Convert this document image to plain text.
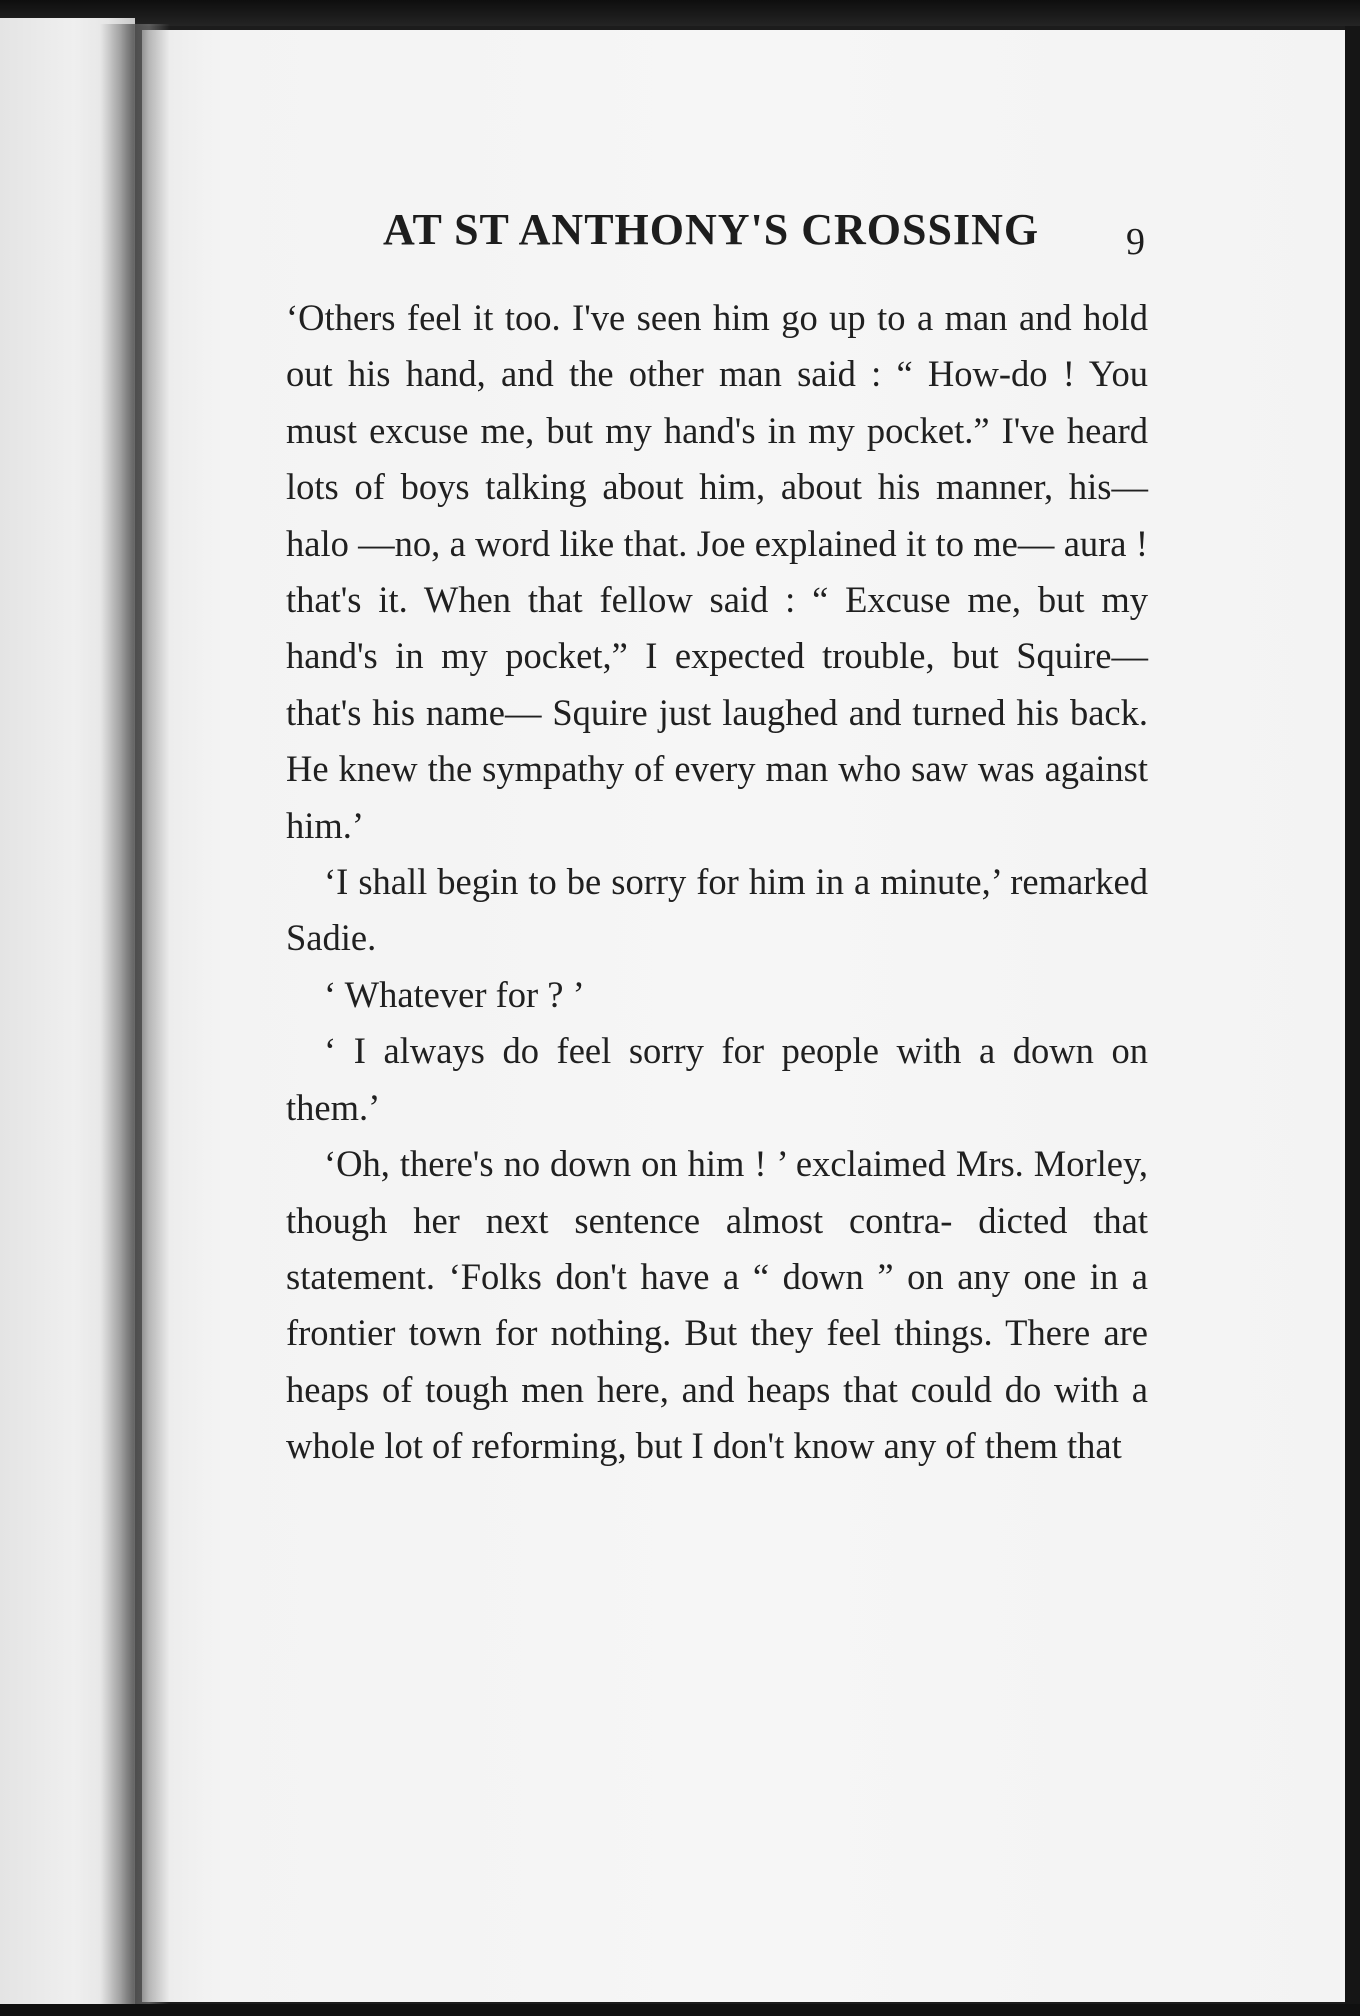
AT ST ANTHONY'S CROSSING	9

‘Others feel it too. I've seen him go up to a man and hold out his hand, and the other man said : “ How-do ! You must excuse me, but my hand's in my pocket.” I've heard lots of boys talking about him, about his manner, his—halo —no, a word like that. Joe explained it to me— aura ! that's it. When that fellow said : “ Excuse me, but my hand's in my pocket,” I expected trouble, but Squire—that's his name— Squire just laughed and turned his back. He knew the sympathy of every man who saw was against him.’

‘I shall begin to be sorry for him in a minute,’ remarked Sadie.

‘ Whatever for ? ’

‘ I always do feel sorry for people with a down on them.’

‘Oh, there's no down on him ! ’ exclaimed Mrs. Morley, though her next sentence almost contra- dicted that statement. ‘Folks don't have a “ down ” on any one in a frontier town for nothing. But they feel things. There are heaps of tough men here, and heaps that could do with a whole lot of reforming, but I don't know any of them that
